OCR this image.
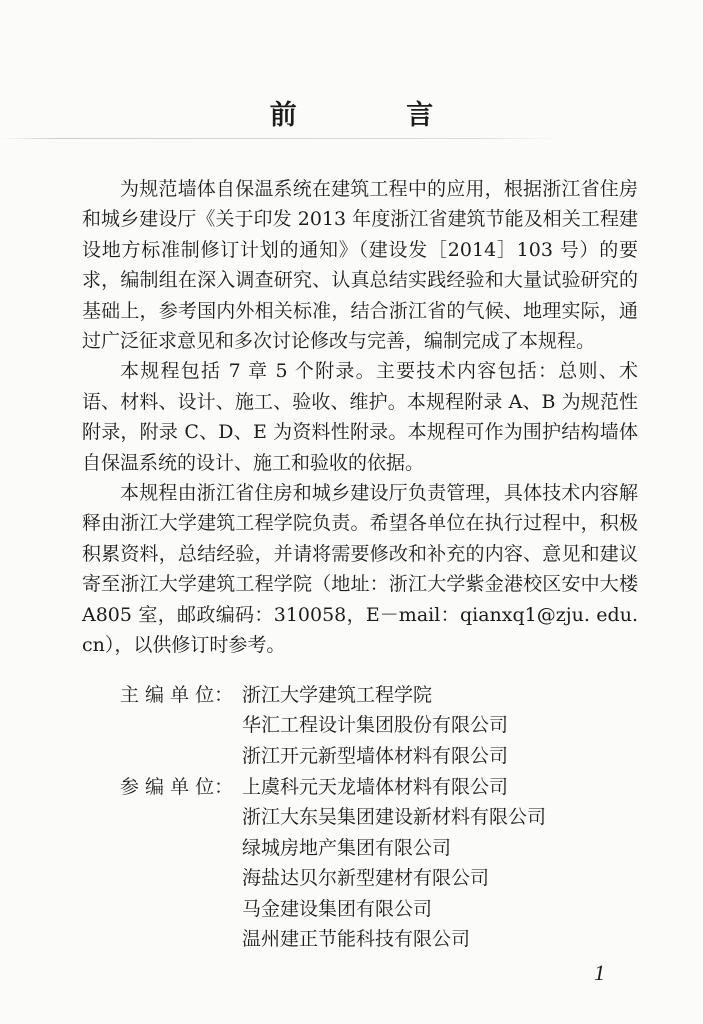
前 言

为规范墙体自保温系统在建筑工程中的应用，根据浙江省住房和城乡建设厅《关于印发 2013 年度浙江省建筑节能及相关工程建设地方标准制修订计划的通知》（建设发［2014］103 号）的要求，编制组在深入调查研究、认真总结实践经验和大量试验研究的基础上，参考国内外相关标准，结合浙江省的气候、地理实际，通过广泛征求意见和多次讨论修改与完善，编制完成了本规程。

本规程包括 7 章 5 个附录。主要技术内容包括：总则、术语、材料、设计、施工、验收、维护。本规程附录 A、B 为规范性附录，附录 C、D、E 为资料性附录。本规程可作为围护结构墙体自保温系统的设计、施工和验收的依据。

本规程由浙江省住房和城乡建设厅负责管理，具体技术内容解释由浙江大学建筑工程学院负责。希望各单位在执行过程中，积极积累资料，总结经验，并请将需要修改和补充的内容、意见和建议寄至浙江大学建筑工程学院（地址：浙江大学紫金港校区安中大楼 A805 室，邮政编码：310058，E－mail：qianxq1@zju. edu. cn），以供修订时参考。

主 编 单 位： 浙江大学建筑工程学院
华汇工程设计集团股份有限公司
浙江开元新型墙体材料有限公司
参 编 单 位： 上虞科元天龙墙体材料有限公司
浙江大东吴集团建设新材料有限公司
绿城房地产集团有限公司
海盐达贝尔新型建材有限公司
马金建设集团有限公司
温州建正节能科技有限公司
1
